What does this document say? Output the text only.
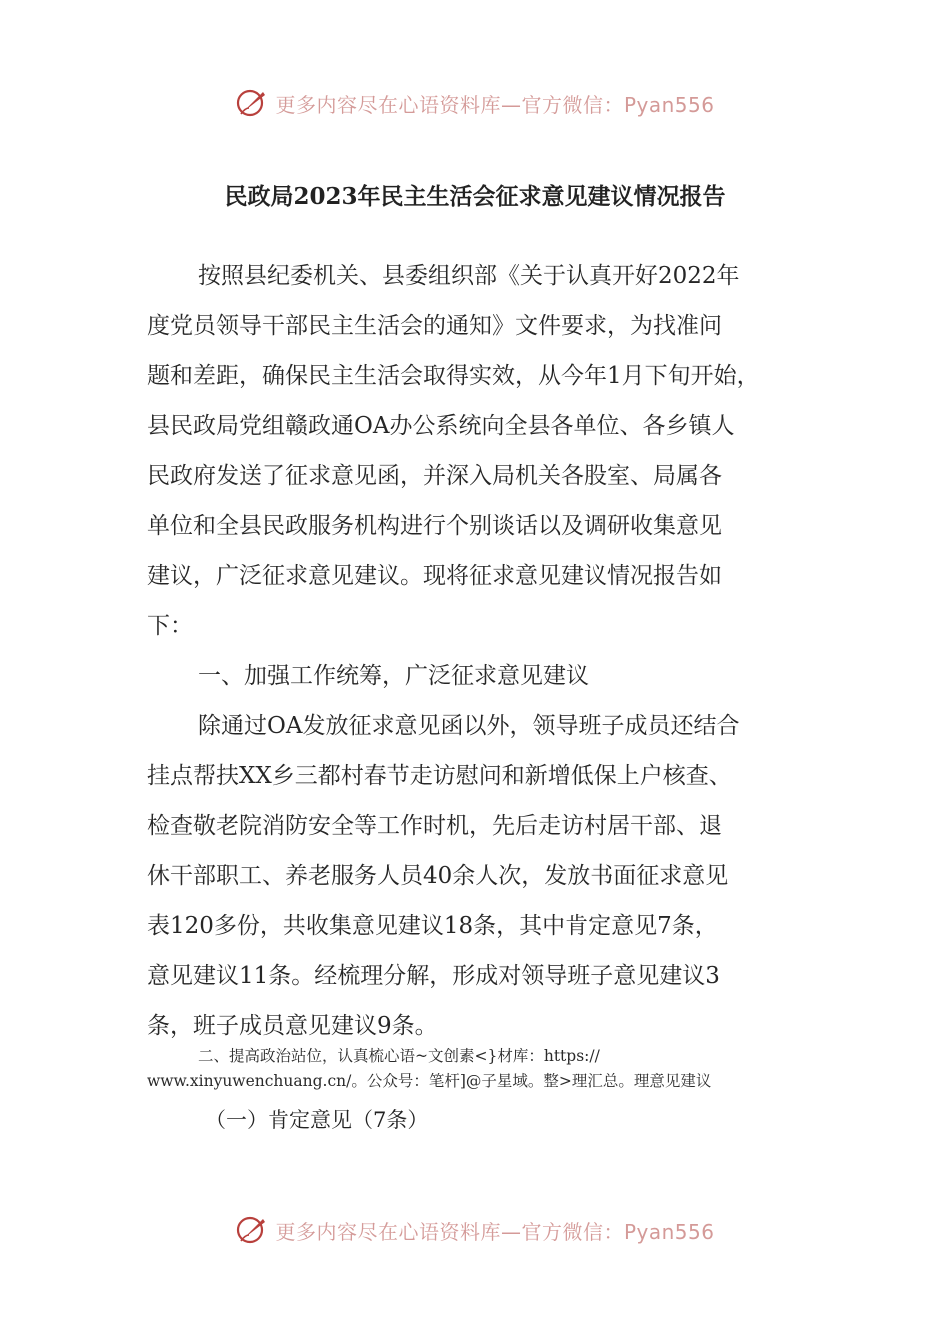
更多内容尽在心语资料库—官方微信：Pyan556
民政局2023年民主生活会征求意见建议情况报告
按照县纪委机关、县委组织部《关于认真开好2022年
度党员领导干部民主生活会的通知》文件要求，为找准问
题和差距，确保民主生活会取得实效，从今年1月下旬开始，
县民政局党组赣政通OA办公系统向全县各单位、各乡镇人
民政府发送了征求意见函，并深入局机关各股室、局属各
单位和全县民政服务机构进行个别谈话以及调研收集意见
建议，广泛征求意见建议。现将征求意见建议情况报告如
下：
一、加强工作统筹，广泛征求意见建议
除通过OA发放征求意见函以外，领导班子成员还结合
挂点帮扶XX乡三都村春节走访慰问和新增低保上户核查、
检查敬老院消防安全等工作时机，先后走访村居干部、退
休干部职工、养老服务人员40余人次，发放书面征求意见
表120多份，共收集意见建议18条，其中肯定意见7条，
意见建议11条。经梳理分解，形成对领导班子意见建议3
条，班子成员意见建议9条。
二、提高政治站位，认真梳心语~文创素<}材库：https://
www.xinyuwenchuang.cn/。公众号：笔杆]@子星域。整>理汇总。理意见建议
（一）肯定意见（7条）
更多内容尽在心语资料库—官方微信：Pyan556
